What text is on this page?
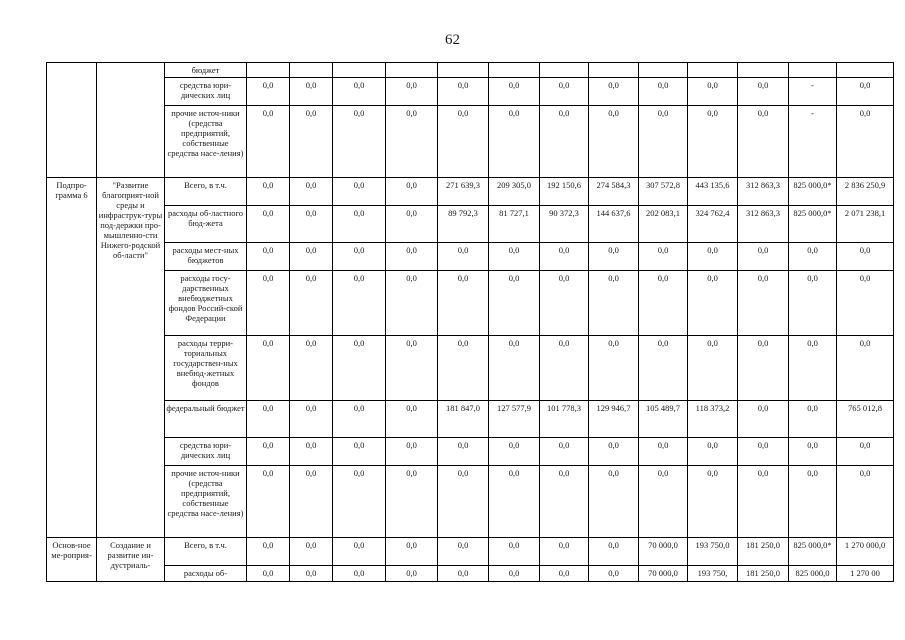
62
		бюджет													
		средства юри-дических лиц	0,0	0,0	0,0	0,0	0,0	0,0	0,0	0,0	0,0	0,0	0,0	-	0,0
		прочие источ-ники (средства предприятий, собственные средства насе-ления)	0,0	0,0	0,0	0,0	0,0	0,0	0,0	0,0	0,0	0,0	0,0	-	0,0
Подпро-грамма 6	"Развитие благоприят-ной среды и инфраструк-туры под-держки про-мышленно-сти Нижего-родской об-ласти"	Всего, в т.ч.	0,0	0,0	0,0	0,0	271 639,3	209 305,0	192 150,6	274 584,3	307 572,8	443 135,6	312 863,3	825 000,0*	2 836 250,9
		расходы об-ластного бюд-жета	0,0	0,0	0,0	0,0	89 792,3	81 727,1	90 372,3	144 637,6	202 083,1	324 762,4	312 863,3	825 000,0*	2 071 238,1
		расходы мест-ных бюджетов	0,0	0,0	0,0	0,0	0,0	0,0	0,0	0,0	0,0	0,0	0,0	0,0	0,0
		расходы госу-дарственных внебюджетных фондов Россий-ской Федерации	0,0	0,0	0,0	0,0	0,0	0,0	0,0	0,0	0,0	0,0	0,0	0,0	0,0
		расходы терри-ториальных государствен-ных внебюд-жетных фондов	0,0	0,0	0,0	0,0	0,0	0,0	0,0	0,0	0,0	0,0	0,0	0,0	0,0
		федеральный бюджет	0,0	0,0	0,0	0,0	181 847,0	127 577,9	101 778,3	129 946,7	105 489,7	118 373,2	0,0	0,0	765 012,8
		средства юри-дических лиц	0,0	0,0	0,0	0,0	0,0	0,0	0,0	0,0	0,0	0,0	0,0	0,0	0,0
		прочие источ-ники (средства предприятий, собственные средства насе-ления)	0,0	0,0	0,0	0,0	0,0	0,0	0,0	0,0	0,0	0,0	0,0	0,0	0,0
Основ-ное ме-роприя-	Создание и развитие ин-дустриаль-	Всего, в т.ч.	0,0	0,0	0,0	0,0	0,0	0,0	0,0	0,0	70 000,0	193 750,0	181 250,0	825 000,0*	1 270 000,0
		расходы об-	0,0	0,0	0,0	0,0	0,0	0,0	0,0	0,0	70 000,0	193 750,	181 250,0	825 000,0	1 270 00
